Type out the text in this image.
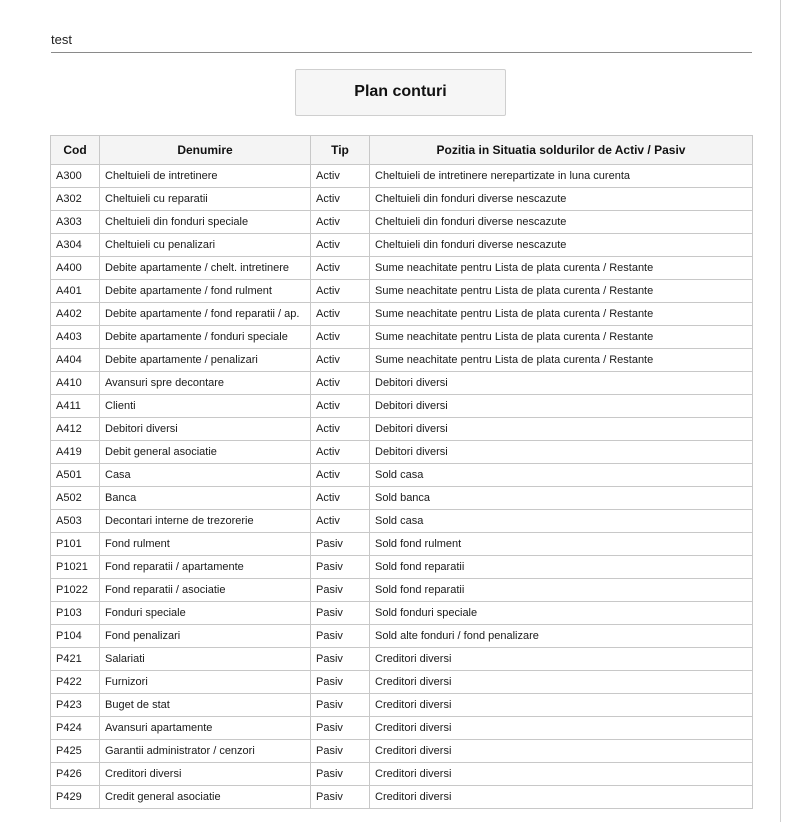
test
Plan conturi
Cod	Denumire	Tip	Pozitia in Situatia soldurilor de Activ / Pasiv
A300	Cheltuieli de intretinere	Activ	Cheltuieli de intretinere nerepartizate in luna curenta
A302	Cheltuieli cu reparatii	Activ	Cheltuieli din fonduri diverse nescazute
A303	Cheltuieli din fonduri speciale	Activ	Cheltuieli din fonduri diverse nescazute
A304	Cheltuieli cu penalizari	Activ	Cheltuieli din fonduri diverse nescazute
A400	Debite apartamente / chelt. intretinere	Activ	Sume neachitate pentru Lista de plata curenta / Restante
A401	Debite apartamente / fond rulment	Activ	Sume neachitate pentru Lista de plata curenta / Restante
A402	Debite apartamente / fond reparatii / ap.	Activ	Sume neachitate pentru Lista de plata curenta / Restante
A403	Debite apartamente / fonduri speciale	Activ	Sume neachitate pentru Lista de plata curenta / Restante
A404	Debite apartamente / penalizari	Activ	Sume neachitate pentru Lista de plata curenta / Restante
A410	Avansuri spre decontare	Activ	Debitori diversi
A411	Clienti	Activ	Debitori diversi
A412	Debitori diversi	Activ	Debitori diversi
A419	Debit general asociatie	Activ	Debitori diversi
A501	Casa	Activ	Sold casa
A502	Banca	Activ	Sold banca
A503	Decontari interne de trezorerie	Activ	Sold casa
P101	Fond rulment	Pasiv	Sold fond rulment
P1021	Fond reparatii / apartamente	Pasiv	Sold fond reparatii
P1022	Fond reparatii / asociatie	Pasiv	Sold fond reparatii
P103	Fonduri speciale	Pasiv	Sold fonduri speciale
P104	Fond penalizari	Pasiv	Sold alte fonduri / fond penalizare
P421	Salariati	Pasiv	Creditori diversi
P422	Furnizori	Pasiv	Creditori diversi
P423	Buget de stat	Pasiv	Creditori diversi
P424	Avansuri apartamente	Pasiv	Creditori diversi
P425	Garantii administrator / cenzori	Pasiv	Creditori diversi
P426	Creditori diversi	Pasiv	Creditori diversi
P429	Credit general asociatie	Pasiv	Creditori diversi
